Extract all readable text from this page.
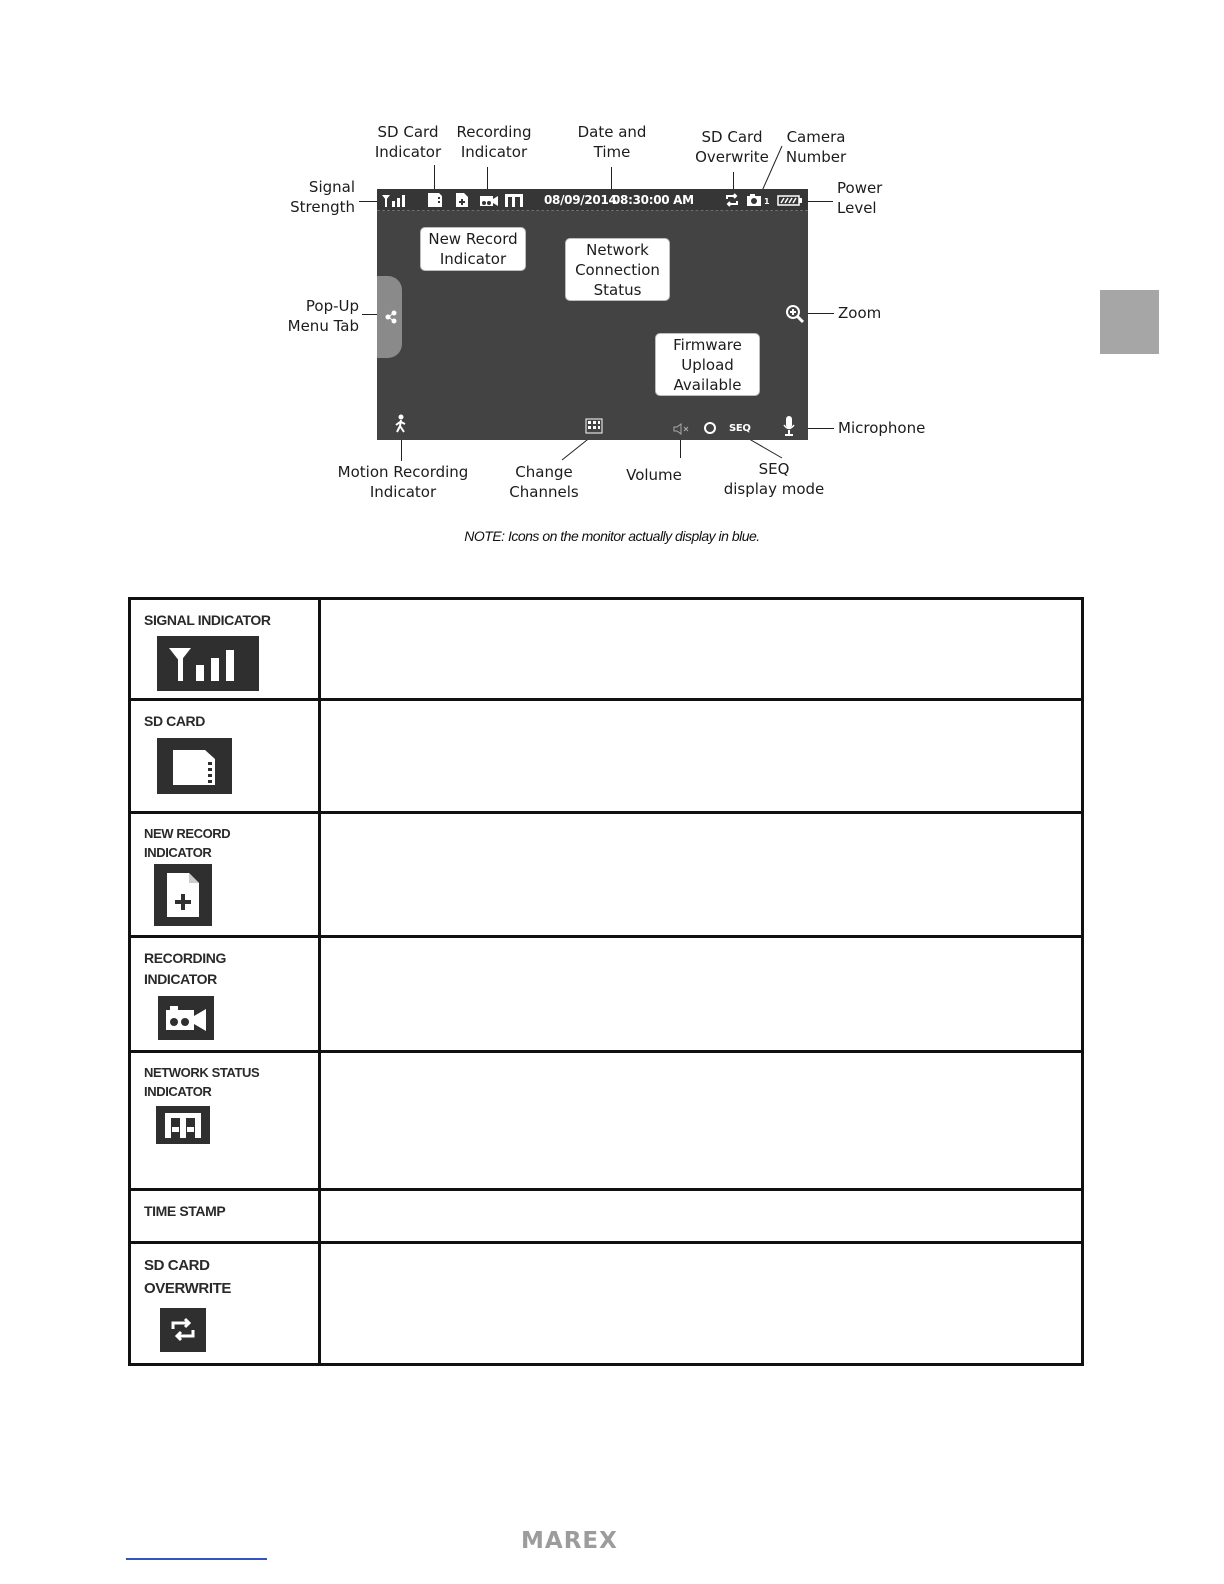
SD Card
Indicator
Recording
Indicator
Date and
Time
SD Card
Overwrite
Camera
Number
Signal
Strength
Power
Level
Pop-Up
Menu Tab
Zoom
Microphone
Motion Recording
Indicator
Change
Channels
Volume	SEQ
display mode
08/09/2014
08:30:00 AM	1
SEQ
New Record
Indicator	Network
Connection
Status
Firmware
Upload
Available
NOTE: Icons on the monitor actually display in blue.
SIGNAL INDICATOR	

SD CARD	

NEW RECORD
INDICATOR	

RECORDING
INDICATOR	

NETWORK STATUS
INDICATOR	

TIME STAMP	

SD CARD
OVERWRITE	

MAREX
